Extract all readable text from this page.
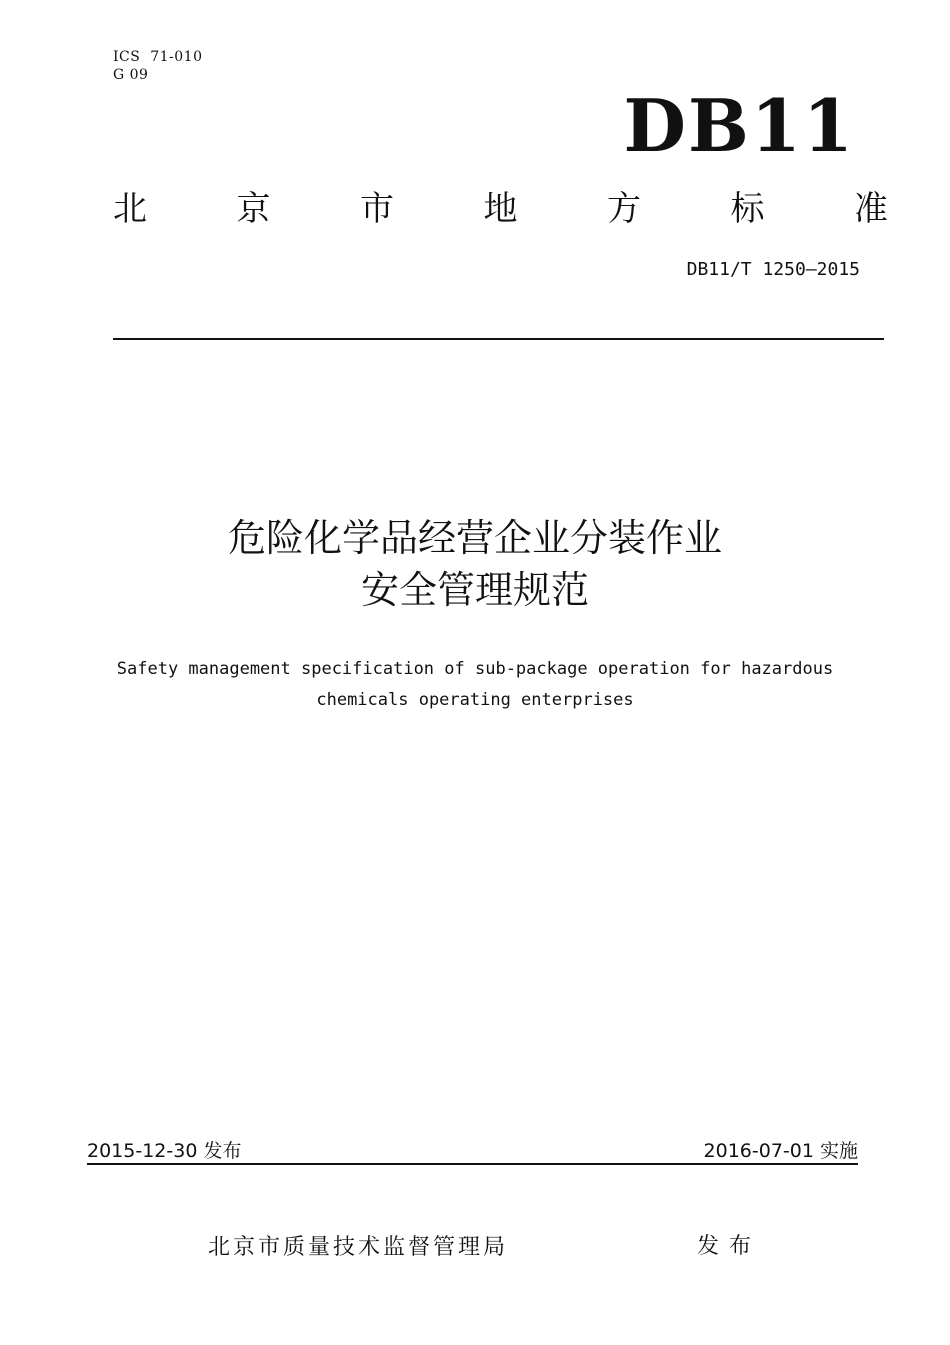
ICS  71-010
G 09
DB11
北	京	市	地	方	标	准
DB11/T 1250—2015
危险化学品经营企业分装作业
安全管理规范
Safety management specification of sub-package operation for hazardous
chemicals operating enterprises
2015-12-30 发布	2016-07-01 实施
北京市质量技术监督管理局	发布
